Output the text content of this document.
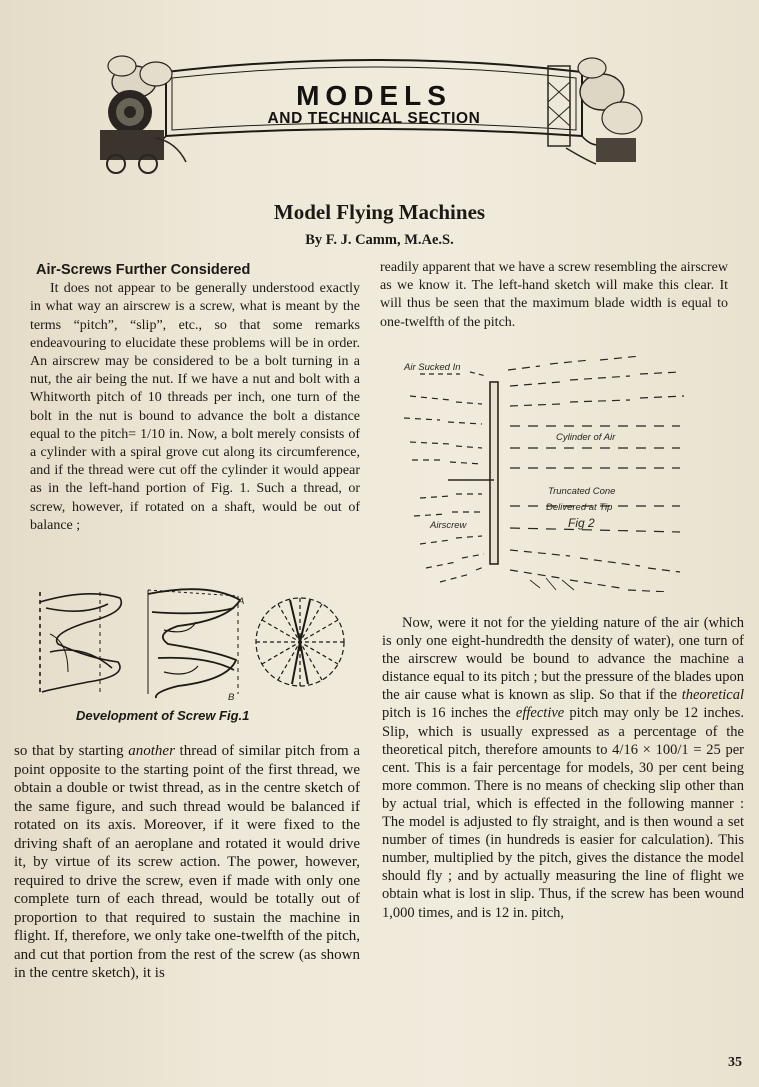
MODELS
AND TECHNICAL SECTION
Model Flying Machines
By F. J. Camm, M.Ae.S.
Air-Screws Further Considered

It does not appear to be generally understood exactly in what way an airscrew is a screw, what is meant by the terms “pitch”, “slip”, etc., so that some remarks endeavouring to elucidate these problems will be in order. An airscrew may be considered to be a bolt turning in a nut, the air being the nut. If we have a nut and bolt with a Whitworth pitch of 10 threads per inch, one turn of the bolt in the nut is bound to advance the bolt a distance equal to the pitch= 1/10 in. Now, a bolt merely consists of a cylinder with a spiral grove cut along its circumference, and if the thread were cut off the cylinder it would appear as in the left-hand portion of Fig. 1. Such a thread, or screw, however, if rotated on a shaft, would be out of balance ;

A
B
Development of Screw Fig.1

so that by starting another thread of similar pitch from a point opposite to the starting point of the first thread, we obtain a double or twist thread, as in the centre sketch of the same figure, and such thread would be balanced if rotated on its axis. Moreover, if it were fixed to the driving shaft of an aeroplane and rotated it would drive it, by virtue of its screw action. The power, however, required to drive the screw, even if made with only one complete turn of each thread, would be totally out of proportion to that required to sustain the machine in flight. If, therefore, we only take one-twelfth of the pitch, and cut that portion from the rest of the screw (as shown in the centre sketch), it is

readily apparent that we have a screw resembling the airscrew as we know it. The left-hand sketch will make this clear. It will thus be seen that the maximum blade width is equal to one-twelfth of the pitch.

Air Sucked In
Cylinder of Air
Truncated Cone
Delivered at Tip
Fig 2
Airscrew

Now, were it not for the yielding nature of the air (which is only one eight-hundredth the density of water), one turn of the airscrew would be bound to advance the machine a distance equal to its pitch ; but the pressure of the blades upon the air cause what is known as slip. So that if the theoretical pitch is 16 inches the effective pitch may only be 12 inches. Slip, which is usually expressed as a percentage of the theoretical pitch, therefore amounts to 4/16 × 100/1 = 25 per cent. This is a fair percentage for models, 30 per cent being more common. There is no means of checking slip other than by actual trial, which is effected in the following manner : The model is adjusted to fly straight, and is then wound a set number of times (in hundreds is easier for calculation). This number, multiplied by the pitch, gives the distance the model should fly ; and by actually measuring the line of flight we obtain what is lost in slip. Thus, if the screw has been wound 1,000 times, and is 12 in. pitch,

35
